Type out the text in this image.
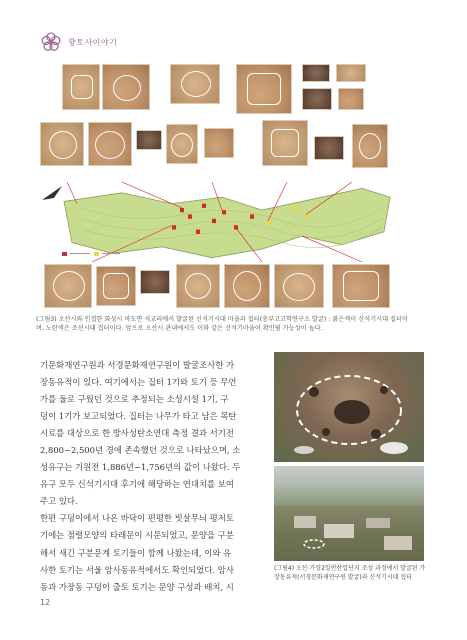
향토사이야기
(그림3) 오산시와 인접한 화성시 마도면 석교리에서 발굴된 신석기시대 마을과 집터(충부고고학연구소 발굴) : 붉은색이 신석기시대 집터이며, 노란색은 조선시대 집터이다. 앞으로 오산시 관내에서도 이와 같은 신석기마을이 확인될 가능성이 높다.

기문화재연구원과 서경문화재연구원이 발굴조사한 가

장동유적이 있다. 여기에서는 집터 1기와 토기 등 무언

가를 둘로 구웠던 것으로 추정되는 소성시설 1기, 구

덩이 1기가 보고되었다. 집터는 나무가 타고 남은 목탄

시료를 대상으로 한 방사성탄소연대 측정 결과 서기전

2,800~2,500년 경에 존속했던 것으로 나타났으며, 소

성유구는 기원전 1,886년~1,756년의 값이 나왔다. 두

유구 모두 신석기시대 후기에 해당하는 연대치를 보여

주고 있다.

한편 구덩이에서 나온 바닥이 편평한 빗살무늬 평저토

기에는 점렬모양의 타래문이 시문되었고, 문양을 구분

해서 새긴 구분문계 토기들이 함께 나왔는데, 이와 유

사한 토기는 서울 암사동유적에서도 확인되었다. 암사

동과 가장동 구덩이 출토 토기는 문양 구성과 배치, 시

(그림4) 오산 가장2일반산업단지 조성 과정에서 발굴된 가장동유적(서경문화재연구원 발굴)과 신석기시대 집터
12
